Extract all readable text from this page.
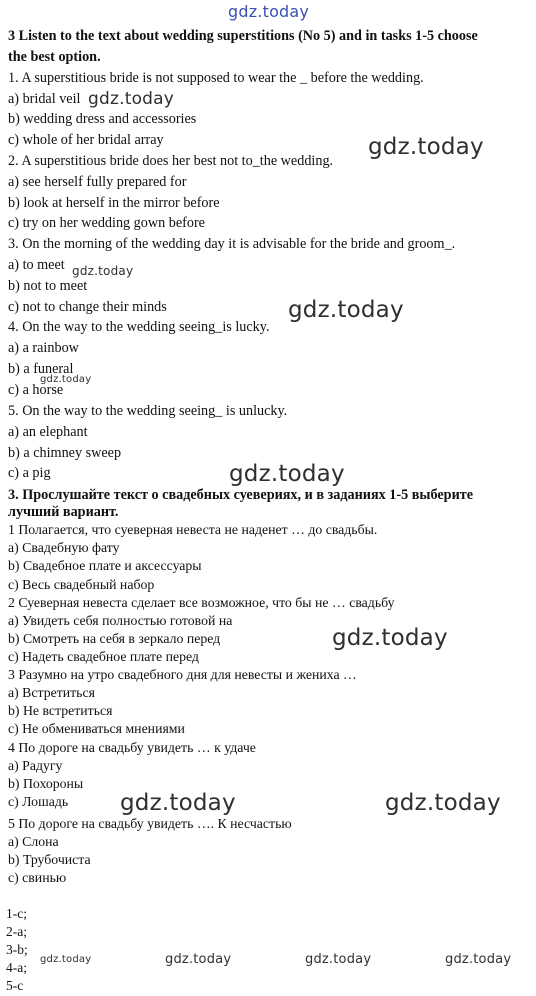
gdz.today
3 Listen to the text about wedding superstitions (No 5) and in tasks 1-5 choose
the best option.
1. A superstitious bride is not supposed to wear the _ before the wedding.
a) bridal veil
b) wedding dress and accessories
c) whole of her bridal array
2. A superstitious bride does her best not to_the wedding.
a) see herself fully prepared for
b) look at herself in the mirror before
c) try on her wedding gown before
3. On the morning of the wedding day it is advisable for the bride and groom_.
a) to meet
b) not to meet
c) not to change their minds
4. On the way to the wedding seeing_is lucky.
a) a rainbow
b) a funeral
c) a horse
5. On the way to the wedding seeing_ is unlucky.
a) an elephant
b) a chimney sweep
c) a pig
3. Прослушайте текст о свадебных суевериях, и в заданиях 1-5 выберите
лучший вариант.
1 Полагается, что суеверная невеста не наденет … до свадьбы.
а) Свадебную фату
b) Свадебное плате и аксессуары
с) Весь свадебный набор
2 Суеверная невеста сделает все возможное, что бы не … свадьбу
а) Увидеть себя полностью готовой на
b) Смотреть на себя в зеркало перед
с) Надеть свадебное плате перед
3 Разумно на утро свадебного дня для невесты и жениха …
а) Встретиться
b) Не встретиться
с) Не обмениваться мнениями
4 По дороге на свадьбу увидеть … к удаче
а) Радугу
b) Похороны
с) Лошадь
5 По дороге на свадьбу увидеть …. К несчастью
а) Слона
b) Трубочиста
с) свинью
1-c;
2-a;
3-b;
4-a;
5-c
gdz.today
gdz.today
gdz.today
gdz.today
gdz.today
gdz.today
gdz.today
gdz.today	gdz.today
gdz.today	gdz.today	gdz.today	gdz.today
